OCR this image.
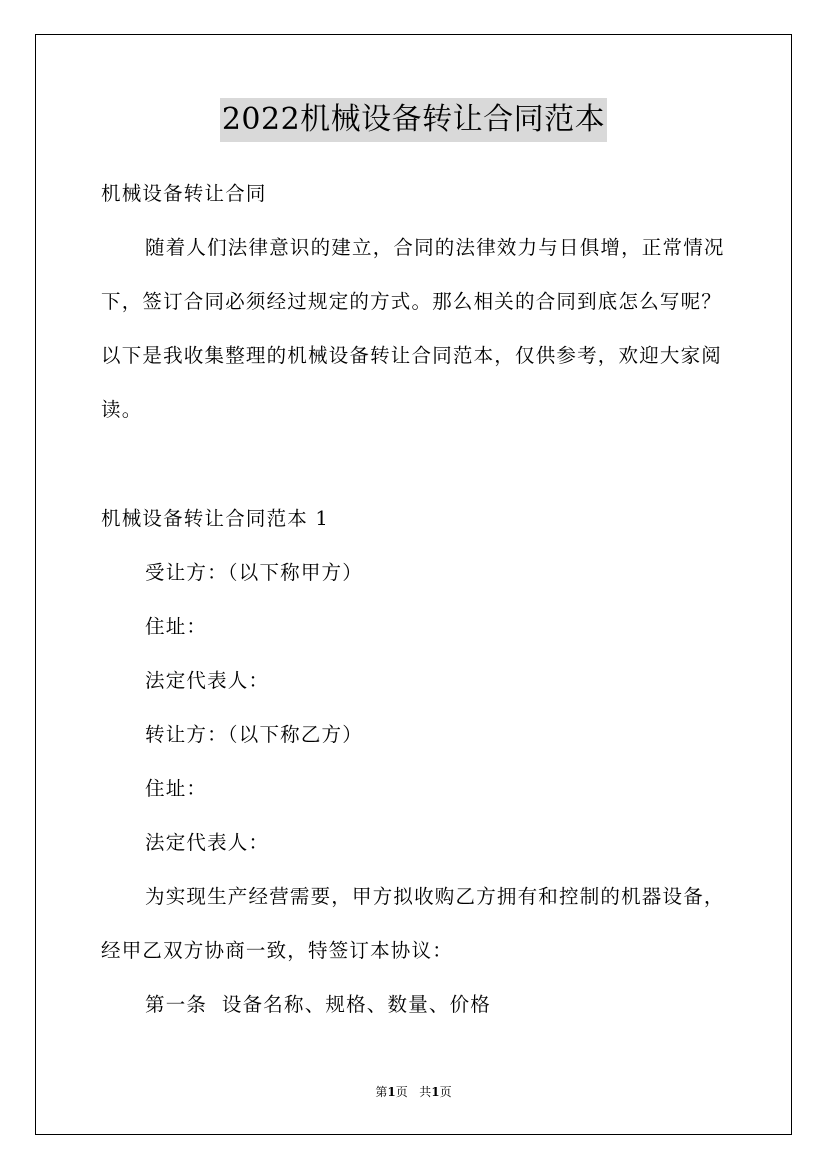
2022机械设备转让合同范本
机械设备转让合同
随着人们法律意识的建立，合同的法律效力与日俱增，正常情况
下，签订合同必须经过规定的方式。那么相关的合同到底怎么写呢？
以下是我收集整理的机械设备转让合同范本，仅供参考，欢迎大家阅
读。
机械设备转让合同范本 1
受让方：（以下称甲方）
住址：
法定代表人：
转让方：（以下称乙方）
住址：
法定代表人：
为实现生产经营需要，甲方拟收购乙方拥有和控制的机器设备，
经甲乙双方协商一致，特签订本协议：
第一条  设备名称、规格、数量、价格
第1页   共1页
